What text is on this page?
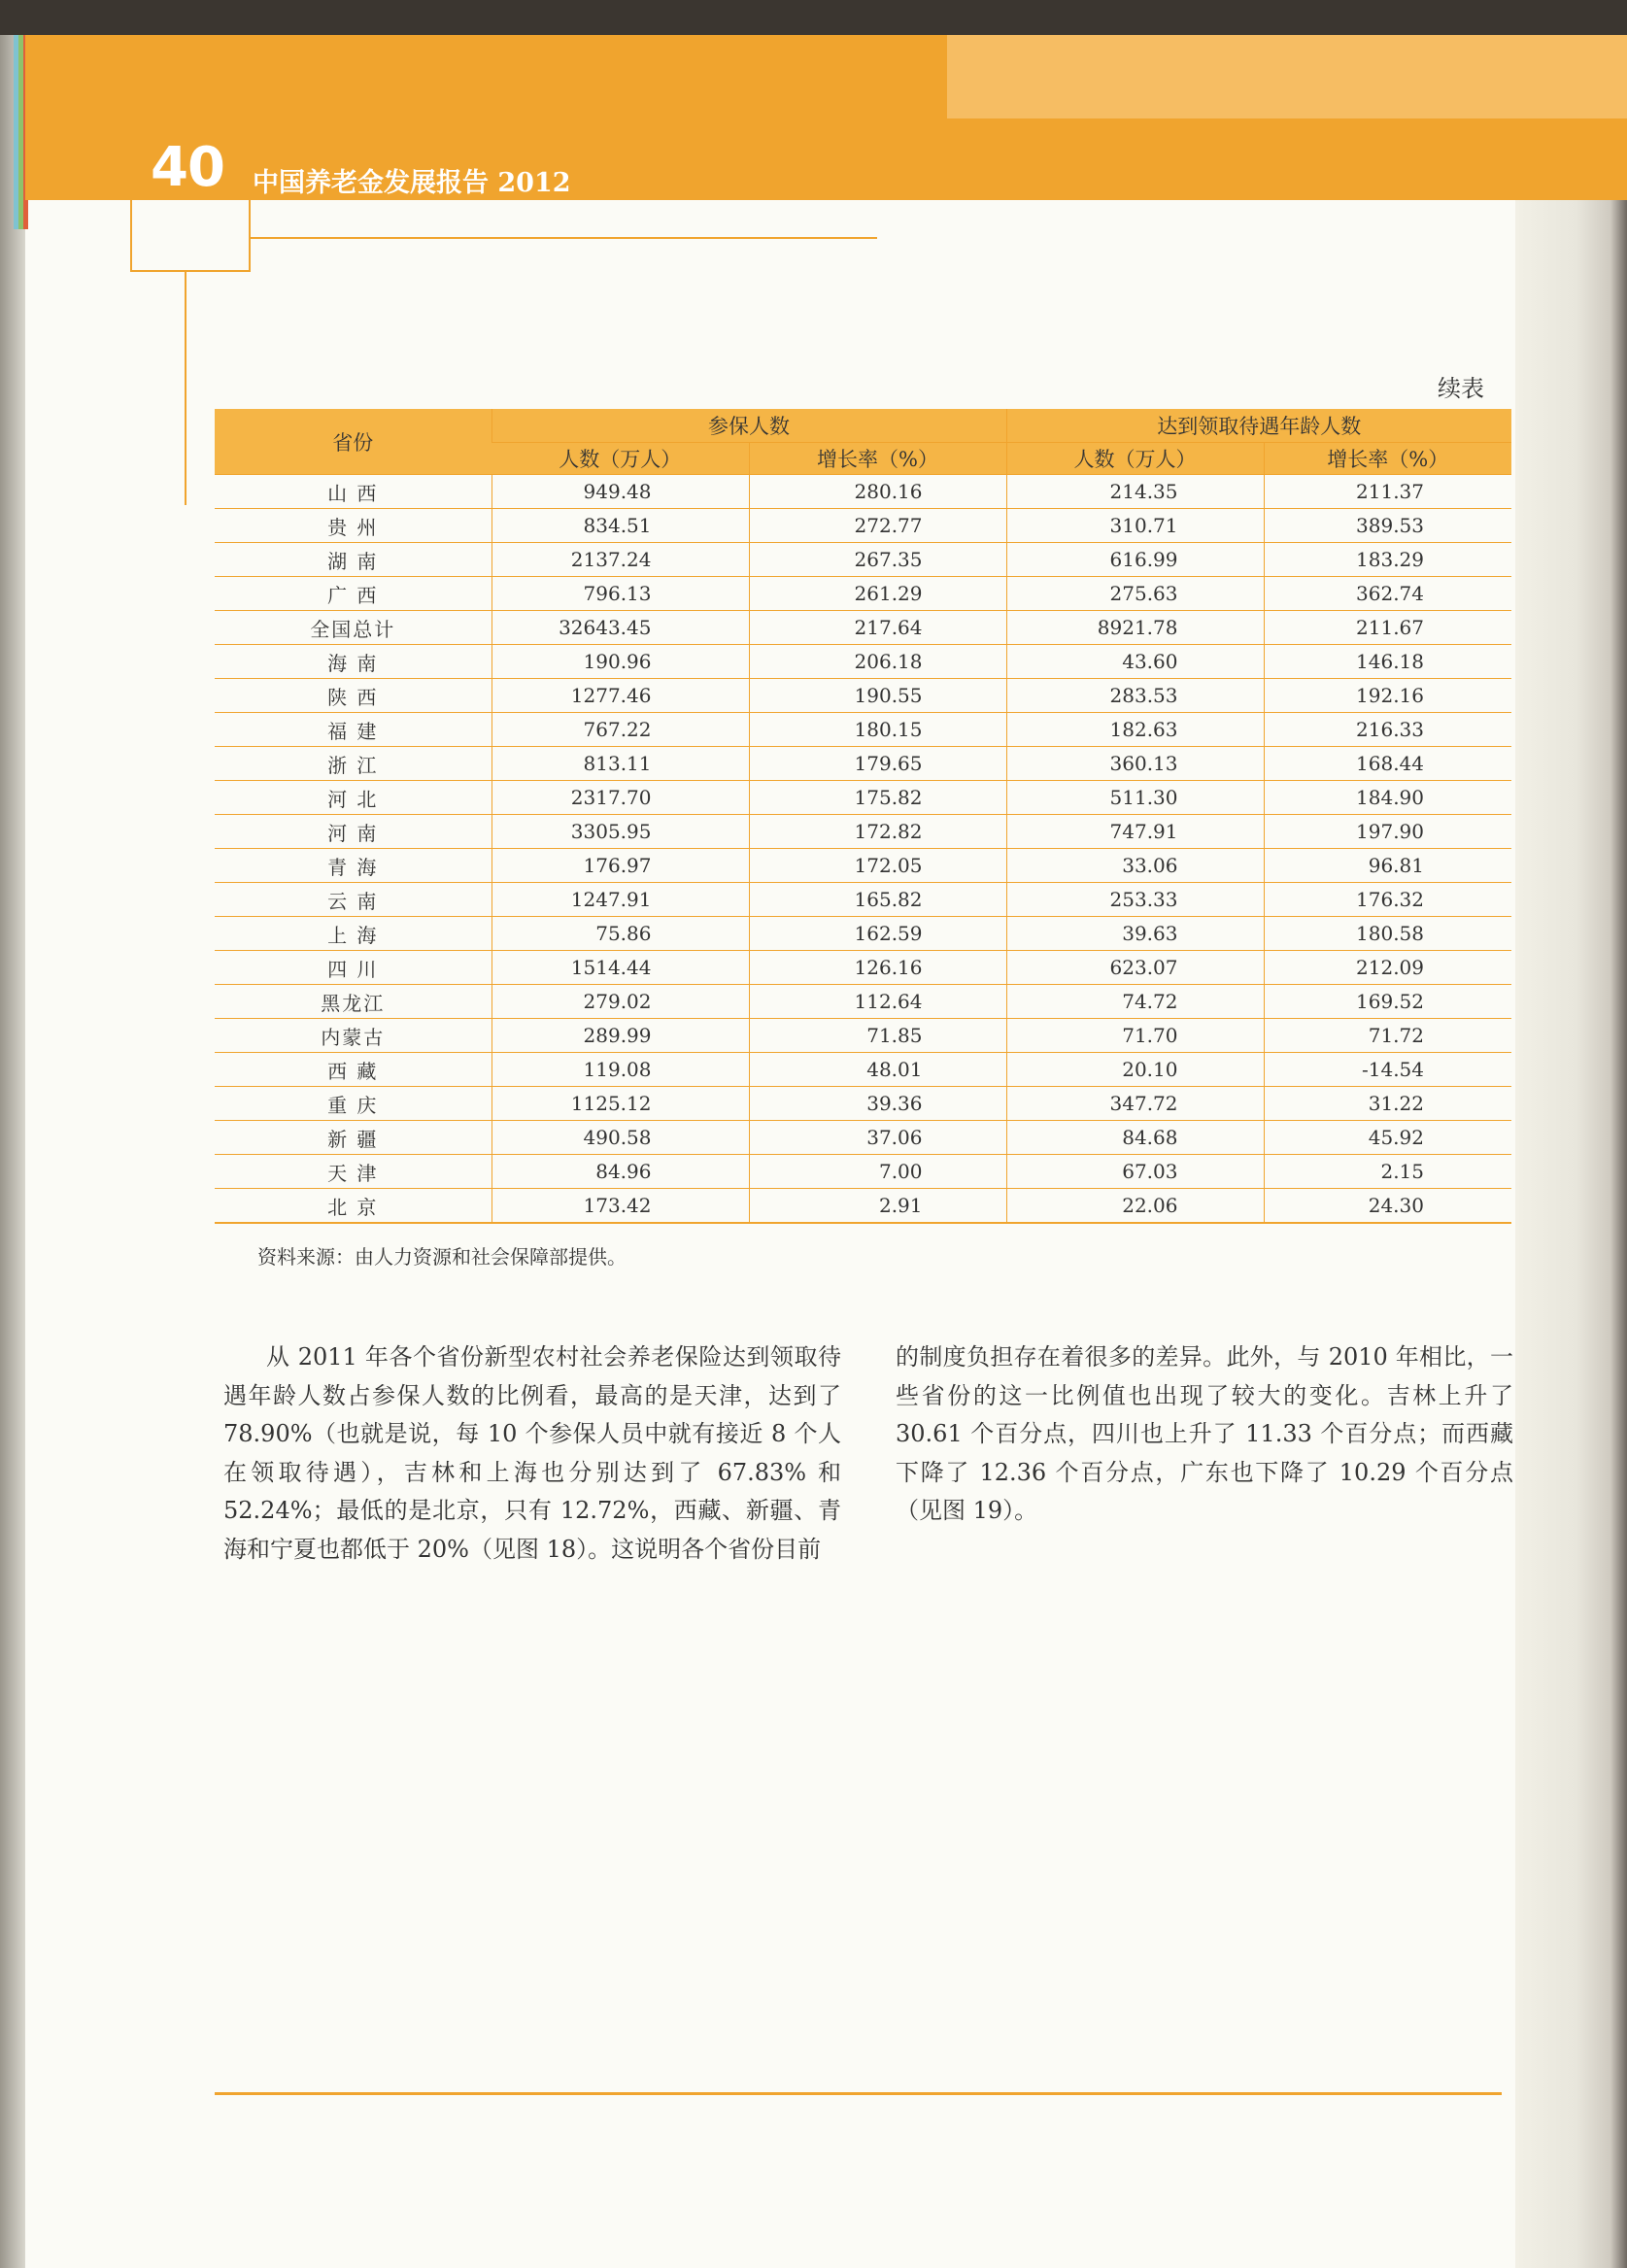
40 中国养老金发展报告 2012
续表
省份	参保人数		达到领取待遇年龄人数	
	人数（万人）	增长率（%）	人数（万人）	增长率（%）
山 西	949.48	280.16	214.35	211.37
贵 州	834.51	272.77	310.71	389.53
湖 南	2137.24	267.35	616.99	183.29
广 西	796.13	261.29	275.63	362.74
全国总计	32643.45	217.64	8921.78	211.67
海 南	190.96	206.18	43.60	146.18
陕 西	1277.46	190.55	283.53	192.16
福 建	767.22	180.15	182.63	216.33
浙 江	813.11	179.65	360.13	168.44
河 北	2317.70	175.82	511.30	184.90
河 南	3305.95	172.82	747.91	197.90
青 海	176.97	172.05	33.06	96.81
云 南	1247.91	165.82	253.33	176.32
上 海	75.86	162.59	39.63	180.58
四 川	1514.44	126.16	623.07	212.09
黑龙江	279.02	112.64	74.72	169.52
内蒙古	289.99	71.85	71.70	71.72
西 藏	119.08	48.01	20.10	-14.54
重 庆	1125.12	39.36	347.72	31.22
新 疆	490.58	37.06	84.68	45.92
天 津	84.96	7.00	67.03	2.15
北 京	173.42	2.91	22.06	24.30
资料来源：由人力资源和社会保障部提供。
从 2011 年各个省份新型农村社会养老保险达到领取待遇年龄人数占参保人数的比例看，最高的是天津，达到了 78.90%（也就是说，每 10 个参保人员中就有接近 8 个人在领取待遇），吉林和上海也分别达到了 67.83% 和 52.24%；最低的是北京，只有 12.72%，西藏、新疆、青海和宁夏也都低于 20%（见图 18）。这说明各个省份目前
的制度负担存在着很多的差异。此外，与 2010 年相比，一些省份的这一比例值也出现了较大的变化。吉林上升了 30.61 个百分点，四川也上升了 11.33 个百分点；而西藏下降了 12.36 个百分点，广东也下降了 10.29 个百分点（见图 19）。
